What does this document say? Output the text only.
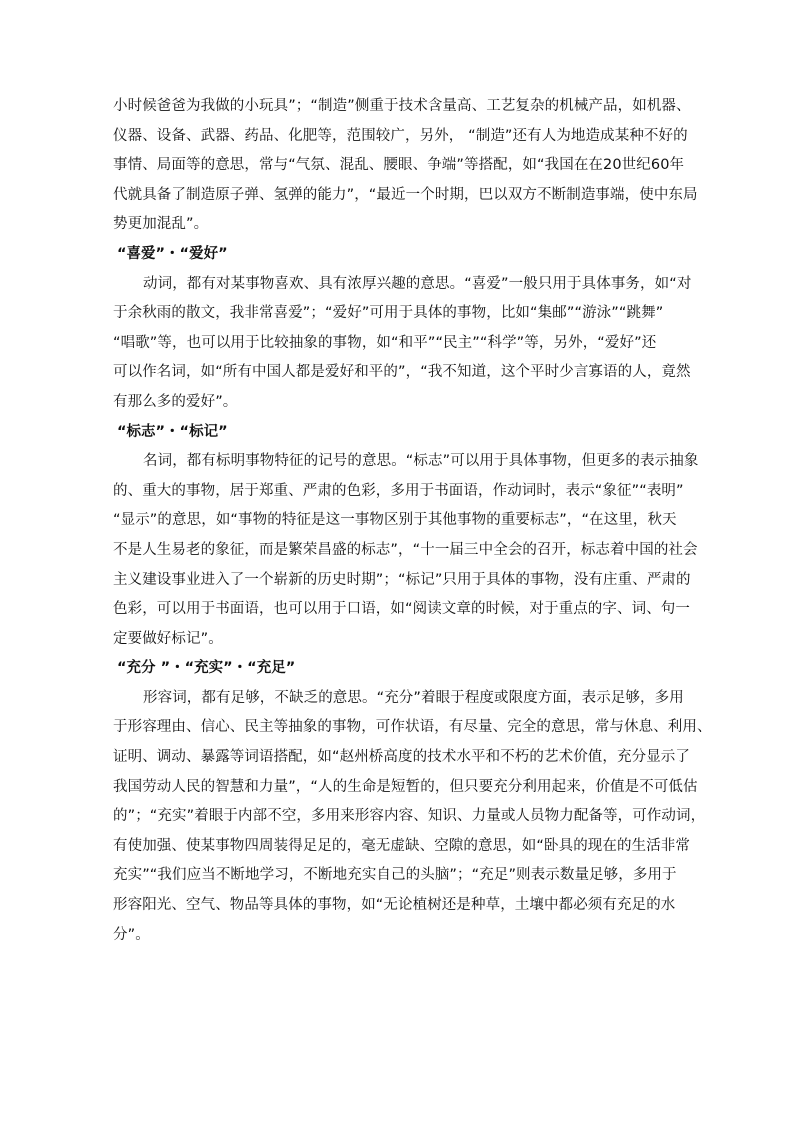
小时候爸爸为我做的小玩具”；“制造”侧重于技术含量高、工艺复杂的机械产品，如机器、
仪器、设备、武器、药品、化肥等，范围较广，另外， “制造”还有人为地造成某种不好的
事情、局面等的意思，常与“气氛、混乱、腰眼、争端”等搭配，如“我国在在20世纪60年
代就具备了制造原子弹、氢弹的能力”，“最近一个时期，巴以双方不断制造事端，使中东局
势更加混乱”。
“喜爱”・“爱好”
动词，都有对某事物喜欢、具有浓厚兴趣的意思。“喜爱”一般只用于具体事务，如“对
于余秋雨的散文，我非常喜爱”；“爱好”可用于具体的事物，比如“集邮”“游泳”“跳舞”
“唱歌”等，也可以用于比较抽象的事物，如“和平”“民主”“科学”等，另外，“爱好”还
可以作名词，如“所有中国人都是爱好和平的”，“我不知道，这个平时少言寡语的人，竟然
有那么多的爱好”。
“标志”・“标记”
名词，都有标明事物特征的记号的意思。“标志”可以用于具体事物，但更多的表示抽象
的、重大的事物，居于郑重、严肃的色彩，多用于书面语，作动词时，表示“象征”“表明”
“显示”的意思，如“事物的特征是这一事物区别于其他事物的重要标志”，“在这里，秋天
不是人生易老的象征，而是繁荣昌盛的标志”，“十一届三中全会的召开，标志着中国的社会
主义建设事业进入了一个崭新的历史时期”；“标记”只用于具体的事物，没有庄重、严肃的
色彩，可以用于书面语，也可以用于口语，如“阅读文章的时候，对于重点的字、词、句一
定要做好标记”。
“充分 ”・“充实”・“充足”
形容词，都有足够，不缺乏的意思。“充分”着眼于程度或限度方面，表示足够，多用
于形容理由、信心、民主等抽象的事物，可作状语，有尽量、完全的意思，常与休息、利用、
证明、调动、暴露等词语搭配，如“赵州桥高度的技术水平和不朽的艺术价值，充分显示了
我国劳动人民的智慧和力量”，“人的生命是短暂的，但只要充分利用起来，价值是不可低估
的”；“充实”着眼于内部不空，多用来形容内容、知识、力量或人员物力配备等，可作动词，
有使加强、使某事物四周装得足足的，毫无虚缺、空隙的意思，如“卧具的现在的生活非常
充实”“我们应当不断地学习，不断地充实自己的头脑”；“充足”则表示数量足够，多用于
形容阳光、空气、物品等具体的事物，如“无论植树还是种草，土壤中都必须有充足的水
分”。
